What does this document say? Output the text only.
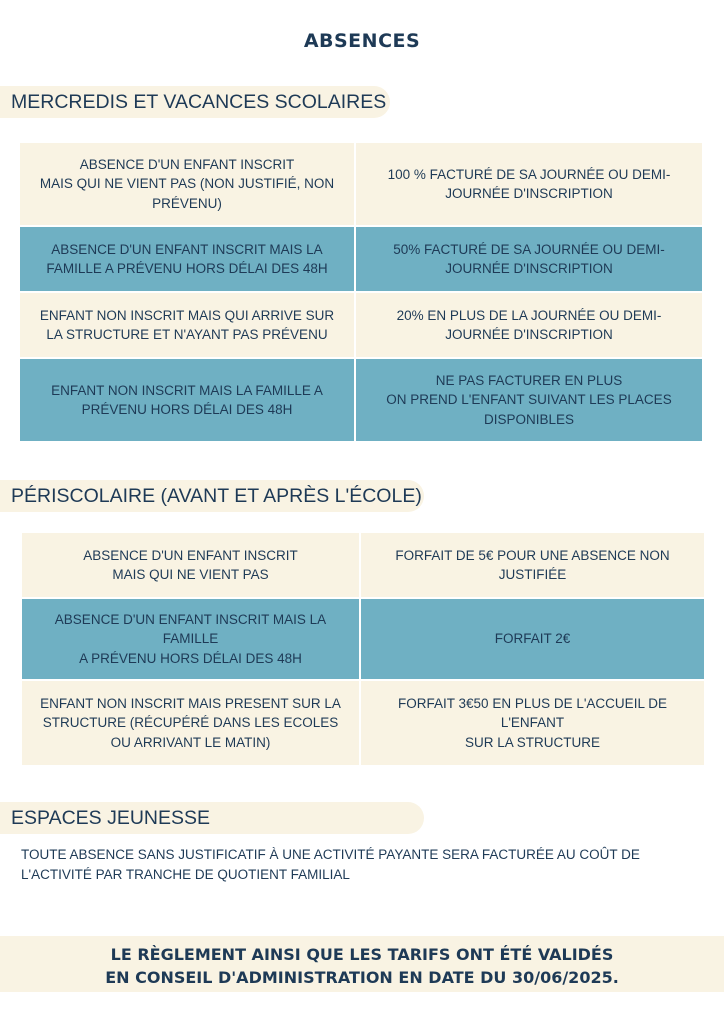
ABSENCES
MERCREDIS ET VACANCES SCOLAIRES
ABSENCE D'UN ENFANT INSCRIT
MAIS QUI NE VIENT PAS (NON JUSTIFIÉ, NON PRÉVENU)
100 % FACTURÉ DE SA JOURNÉE OU DEMI-JOURNÉE D'INSCRIPTION
ABSENCE D'UN ENFANT INSCRIT MAIS LA FAMILLE A PRÉVENU HORS DÉLAI DES 48H
50% FACTURÉ DE SA JOURNÉE OU DEMI-JOURNÉE D'INSCRIPTION
ENFANT NON INSCRIT MAIS QUI ARRIVE SUR LA STRUCTURE ET N'AYANT PAS PRÉVENU
20% EN PLUS DE LA JOURNÉE OU DEMI-JOURNÉE D'INSCRIPTION
ENFANT NON INSCRIT MAIS LA FAMILLE A PRÉVENU HORS DÉLAI DES 48H
NE PAS FACTURER EN PLUS
ON PREND L'ENFANT SUIVANT LES PLACES DISPONIBLES
PÉRISCOLAIRE (AVANT ET APRÈS L'ÉCOLE)
ABSENCE D'UN ENFANT INSCRIT
MAIS QUI NE VIENT PAS
FORFAIT DE 5€ POUR UNE ABSENCE NON JUSTIFIÉE
ABSENCE D'UN ENFANT INSCRIT MAIS LA FAMILLE
A PRÉVENU HORS DÉLAI DES 48H
FORFAIT 2€
ENFANT NON INSCRIT MAIS PRESENT SUR LA STRUCTURE (RÉCUPÉRÉ DANS LES ECOLES OU ARRIVANT LE MATIN)
FORFAIT 3€50 EN PLUS DE L'ACCUEIL DE L'ENFANT
SUR LA STRUCTURE
ESPACES JEUNESSE
TOUTE ABSENCE SANS JUSTIFICATIF À UNE ACTIVITÉ PAYANTE SERA FACTURÉE AU COÛT DE L'ACTIVITÉ PAR TRANCHE DE QUOTIENT FAMILIAL
LE RÈGLEMENT AINSI QUE LES TARIFS ONT ÉTÉ VALIDÉS
EN CONSEIL D'ADMINISTRATION EN DATE DU 30/06/2025.
